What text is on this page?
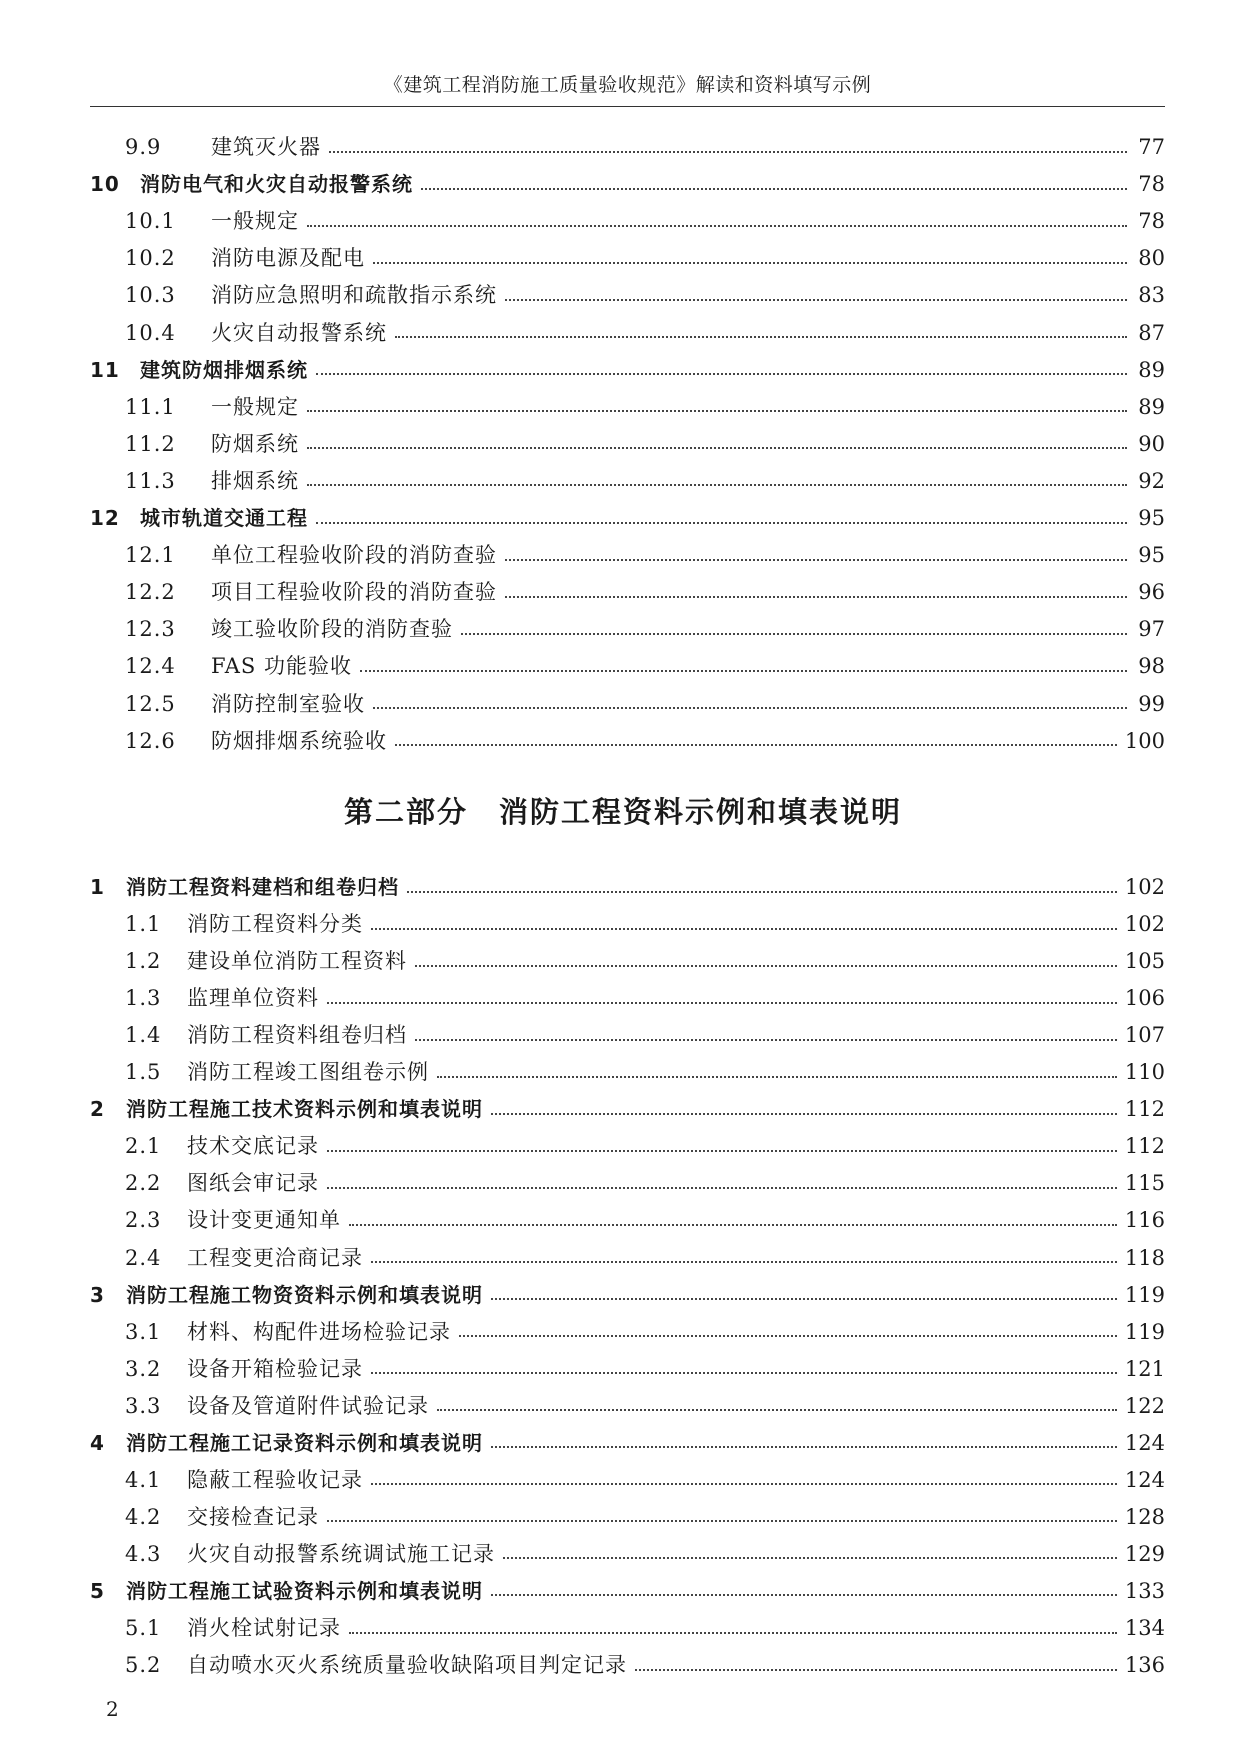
《建筑工程消防施工质量验收规范》解读和资料填写示例
9.9	建筑灭火器	77
10	消防电气和火灾自动报警系统	78
10.1	一般规定	78
10.2	消防电源及配电	80
10.3	消防应急照明和疏散指示系统	83
10.4	火灾自动报警系统	87
11	建筑防烟排烟系统	89
11.1	一般规定	89
11.2	防烟系统	90
11.3	排烟系统	92
12	城市轨道交通工程	95
12.1	单位工程验收阶段的消防查验	95
12.2	项目工程验收阶段的消防查验	96
12.3	竣工验收阶段的消防查验	97
12.4	FAS 功能验收	98
12.5	消防控制室验收	99
12.6	防烟排烟系统验收	100
第二部分　消防工程资料示例和填表说明
1	消防工程资料建档和组卷归档	102
1.1	消防工程资料分类	102
1.2	建设单位消防工程资料	105
1.3	监理单位资料	106
1.4	消防工程资料组卷归档	107
1.5	消防工程竣工图组卷示例	110
2	消防工程施工技术资料示例和填表说明	112
2.1	技术交底记录	112
2.2	图纸会审记录	115
2.3	设计变更通知单	116
2.4	工程变更洽商记录	118
3	消防工程施工物资资料示例和填表说明	119
3.1	材料、构配件进场检验记录	119
3.2	设备开箱检验记录	121
3.3	设备及管道附件试验记录	122
4	消防工程施工记录资料示例和填表说明	124
4.1	隐蔽工程验收记录	124
4.2	交接检查记录	128
4.3	火灾自动报警系统调试施工记录	129
5	消防工程施工试验资料示例和填表说明	133
5.1	消火栓试射记录	134
5.2	自动喷水灭火系统质量验收缺陷项目判定记录	136
2
